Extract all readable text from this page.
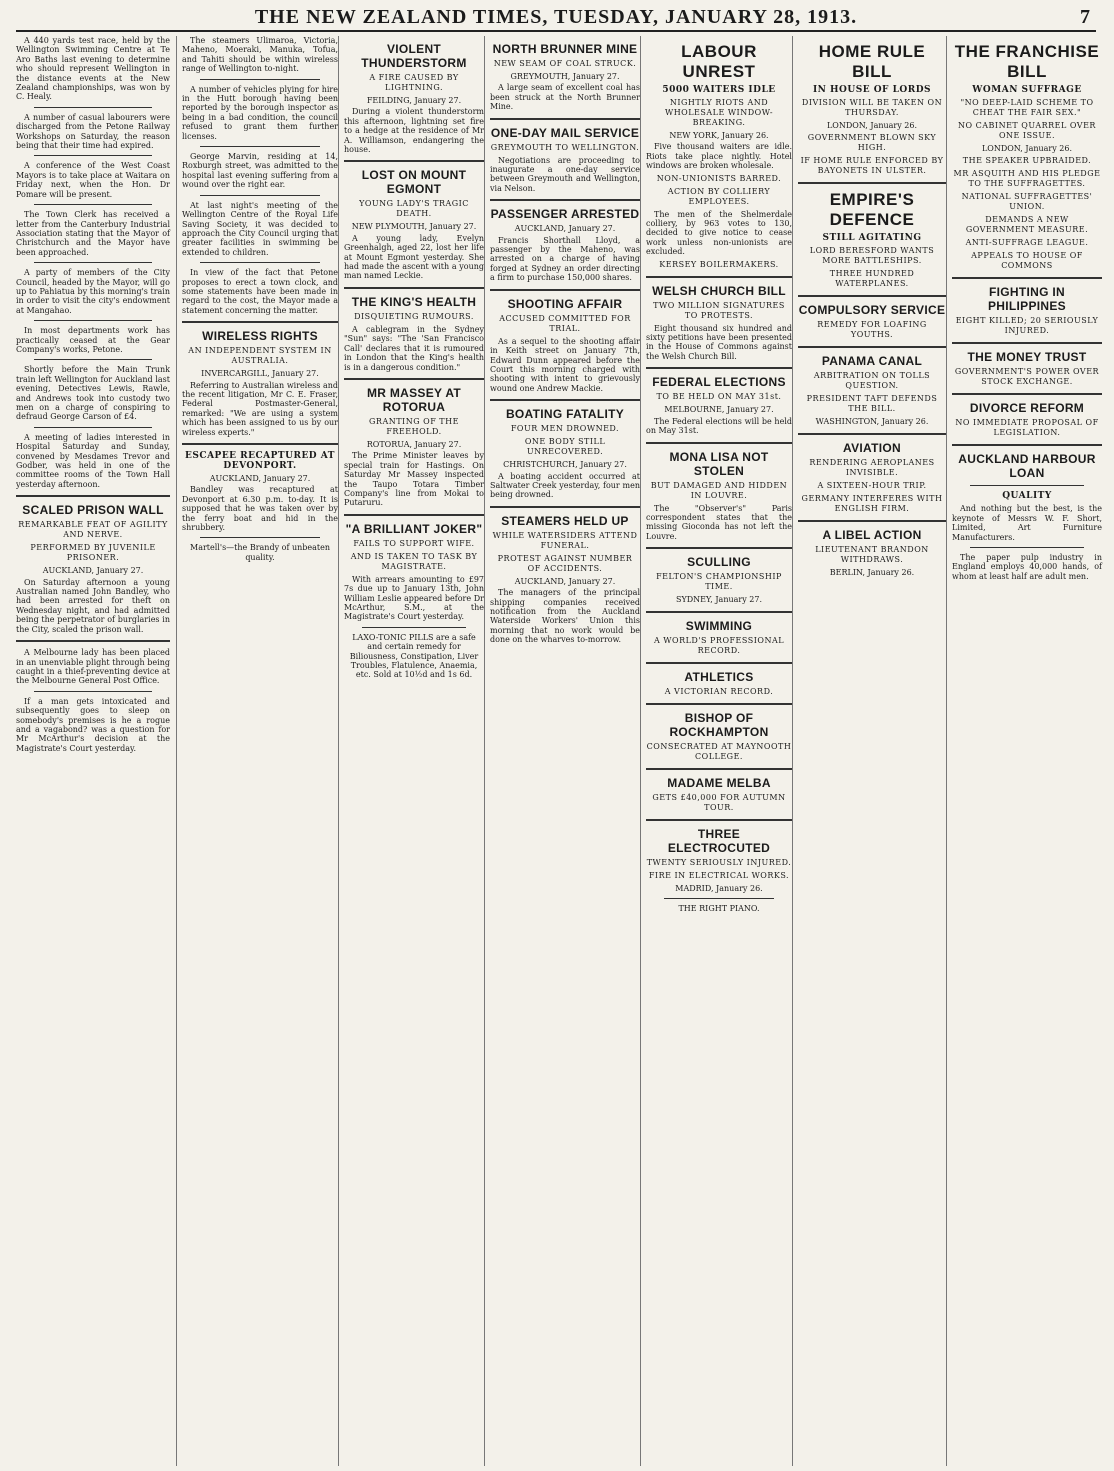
THE NEW ZEALAND TIMES, TUESDAY, JANUARY 28, 1913.	7

A 440 yards test race, held by the Wellington Swimming Centre at Te Aro Baths last evening to determine who should represent Wellington in the distance events at the New Zealand championships, was won by C. Healy.

A number of casual labourers were discharged from the Petone Railway Workshops on Saturday, the reason being that their time had expired.

A conference of the West Coast Mayors is to take place at Waitara on Friday next, when the Hon. Dr Pomare will be present.

The Town Clerk has received a letter from the Canterbury Industrial Association stating that the Mayor of Christchurch and the Mayor have been approached.

A party of members of the City Council, headed by the Mayor, will go up to Pahiatua by this morning's train in order to visit the city's endowment at Mangahao.

In most departments work has practically ceased at the Gear Company's works, Petone.

Shortly before the Main Trunk train left Wellington for Auckland last evening, Detectives Lewis, Rawle, and Andrews took into custody two men on a charge of conspiring to defraud George Carson of £4.

A meeting of ladies interested in Hospital Saturday and Sunday, convened by Mesdames Trevor and Godber, was held in one of the committee rooms of the Town Hall yesterday afternoon.

SCALED PRISON WALL
REMARKABLE FEAT OF AGILITY AND NERVE.
PERFORMED BY JUVENILE PRISONER.
AUCKLAND, January 27.

On Saturday afternoon a young Australian named John Bandley, who had been arrested for theft on Wednesday night, and had admitted being the perpetrator of burglaries in the City, scaled the prison wall.

A Melbourne lady has been placed in an unenviable plight through being caught in a thief-preventing device at the Melbourne General Post Office.

If a man gets intoxicated and subsequently goes to sleep on somebody's premises is he a rogue and a vagabond? was a question for Mr McArthur's decision at the Magistrate's Court yesterday.

The steamers Ulimaroa, Victoria, Maheno, Moeraki, Manuka, Tofua, and Tahiti should be within wireless range of Wellington to-night.

A number of vehicles plying for hire in the Hutt borough having been reported by the borough inspector as being in a bad condition, the council refused to grant them further licenses.

George Marvin, residing at 14, Roxburgh street, was admitted to the hospital last evening suffering from a wound over the right ear.

At last night's meeting of the Wellington Centre of the Royal Life Saving Society, it was decided to approach the City Council urging that greater facilities in swimming be extended to children.

In view of the fact that Petone proposes to erect a town clock, and some statements have been made in regard to the cost, the Mayor made a statement concerning the matter.

WIRELESS RIGHTS
AN INDEPENDENT SYSTEM IN AUSTRALIA.
INVERCARGILL, January 27.

Referring to Australian wireless and the recent litigation, Mr C. E. Fraser, Federal Postmaster-General, remarked: "We are using a system which has been assigned to us by our wireless experts."

ESCAPEE RECAPTURED AT DEVONPORT.
AUCKLAND, January 27.

Bandley was recaptured at Devonport at 6.30 p.m. to-day. It is supposed that he was taken over by the ferry boat and hid in the shrubbery.

Martell's—the Brandy of unbeaten quality.
VIOLENT THUNDERSTORM
A FIRE CAUSED BY LIGHTNING.
FEILDING, January 27.

During a violent thunderstorm this afternoon, lightning set fire to a hedge at the residence of Mr A. Williamson, endangering the house.

LOST ON MOUNT EGMONT
YOUNG LADY'S TRAGIC DEATH.
NEW PLYMOUTH, January 27.

A young lady, Evelyn Greenhalgh, aged 22, lost her life at Mount Egmont yesterday. She had made the ascent with a young man named Leckie.

THE KING'S HEALTH
DISQUIETING RUMOURS.

A cablegram in the Sydney "Sun" says: "The 'San Francisco Call' declares that it is rumoured in London that the King's health is in a dangerous condition."

MR MASSEY AT ROTORUA
GRANTING OF THE FREEHOLD.
ROTORUA, January 27.

The Prime Minister leaves by special train for Hastings. On Saturday Mr Massey inspected the Taupo Totara Timber Company's line from Mokai to Putaruru.

"A BRILLIANT JOKER"
FAILS TO SUPPORT WIFE.
AND IS TAKEN TO TASK BY MAGISTRATE.

With arrears amounting to £97 7s due up to January 13th, John William Leslie appeared before Dr McArthur, S.M., at the Magistrate's Court yesterday.

LAXO-TONIC PILLS are a safe and certain remedy for Biliousness, Constipation, Liver Troubles, Flatulence, Anaemia, etc. Sold at 10½d and 1s 6d.
NORTH BRUNNER MINE
NEW SEAM OF COAL STRUCK.
GREYMOUTH, January 27.

A large seam of excellent coal has been struck at the North Brunner Mine.

ONE-DAY MAIL SERVICE
GREYMOUTH TO WELLINGTON.

Negotiations are proceeding to inaugurate a one-day service between Greymouth and Wellington, via Nelson.

PASSENGER ARRESTED
AUCKLAND, January 27.

Francis Shorthall Lloyd, a passenger by the Maheno, was arrested on a charge of having forged at Sydney an order directing a firm to purchase 150,000 shares.

SHOOTING AFFAIR
ACCUSED COMMITTED FOR TRIAL.

As a sequel to the shooting affair in Keith street on January 7th, Edward Dunn appeared before the Court this morning charged with shooting with intent to grievously wound one Andrew Mackie.

BOATING FATALITY
FOUR MEN DROWNED.
ONE BODY STILL UNRECOVERED.
CHRISTCHURCH, January 27.

A boating accident occurred at Saltwater Creek yesterday, four men being drowned.

STEAMERS HELD UP
WHILE WATERSIDERS ATTEND FUNERAL.
PROTEST AGAINST NUMBER OF ACCIDENTS.
AUCKLAND, January 27.

The managers of the principal shipping companies received notification from the Auckland Waterside Workers' Union this morning that no work would be done on the wharves to-morrow.

LABOUR UNREST
5000 WAITERS IDLE
NIGHTLY RIOTS AND WHOLESALE WINDOW-BREAKING.
NEW YORK, January 26.

Five thousand waiters are idle. Riots take place nightly. Hotel windows are broken wholesale.

NON-UNIONISTS BARRED.
ACTION BY COLLIERY EMPLOYEES.

The men of the Shelmerdale colliery, by 963 votes to 130, decided to give notice to cease work unless non-unionists are excluded.

KERSEY BOILERMAKERS.
WELSH CHURCH BILL
TWO MILLION SIGNATURES TO PROTESTS.

Eight thousand six hundred and sixty petitions have been presented in the House of Commons against the Welsh Church Bill.

FEDERAL ELECTIONS
TO BE HELD ON MAY 31st.
MELBOURNE, January 27.

The Federal elections will be held on May 31st.

MONA LISA NOT STOLEN
BUT DAMAGED AND HIDDEN IN LOUVRE.

The "Observer's" Paris correspondent states that the missing Gioconda has not left the Louvre.

SCULLING
FELTON'S CHAMPIONSHIP TIME.
SYDNEY, January 27.
SWIMMING
A WORLD'S PROFESSIONAL RECORD.
ATHLETICS
A VICTORIAN RECORD.
BISHOP OF ROCKHAMPTON
CONSECRATED AT MAYNOOTH COLLEGE.
MADAME MELBA
GETS £40,000 FOR AUTUMN TOUR.
THREE ELECTROCUTED
TWENTY SERIOUSLY INJURED.
FIRE IN ELECTRICAL WORKS.
MADRID, January 26.
THE RIGHT PIANO.
HOME RULE BILL
IN HOUSE OF LORDS
DIVISION WILL BE TAKEN ON THURSDAY.
LONDON, January 26.
GOVERNMENT BLOWN SKY HIGH.
IF HOME RULE ENFORCED BY BAYONETS IN ULSTER.
EMPIRE'S DEFENCE
STILL AGITATING
LORD BERESFORD WANTS MORE BATTLESHIPS.
THREE HUNDRED WATERPLANES.
COMPULSORY SERVICE
REMEDY FOR LOAFING YOUTHS.
PANAMA CANAL
ARBITRATION ON TOLLS QUESTION.
PRESIDENT TAFT DEFENDS THE BILL.
WASHINGTON, January 26.
AVIATION
RENDERING AEROPLANES INVISIBLE.
A SIXTEEN-HOUR TRIP.
GERMANY INTERFERES WITH ENGLISH FIRM.
A LIBEL ACTION
LIEUTENANT BRANDON WITHDRAWS.
BERLIN, January 26.
THE FRANCHISE BILL
WOMAN SUFFRAGE
"NO DEEP-LAID SCHEME TO CHEAT THE FAIR SEX."
NO CABINET QUARREL OVER ONE ISSUE.
LONDON, January 26.
THE SPEAKER UPBRAIDED.
MR ASQUITH AND HIS PLEDGE TO THE SUFFRAGETTES.
NATIONAL SUFFRAGETTES' UNION.
DEMANDS A NEW GOVERNMENT MEASURE.
ANTI-SUFFRAGE LEAGUE.
APPEALS TO HOUSE OF COMMONS
FIGHTING IN PHILIPPINES
EIGHT KILLED; 20 SERIOUSLY INJURED.
THE MONEY TRUST
GOVERNMENT'S POWER OVER STOCK EXCHANGE.
DIVORCE REFORM
NO IMMEDIATE PROPOSAL OF LEGISLATION.
AUCKLAND HARBOUR LOAN
QUALITY

And nothing but the best, is the keynote of Messrs W. F. Short, Limited, Art Furniture Manufacturers.

The paper pulp industry in England employs 40,000 hands, of whom at least half are adult men.
